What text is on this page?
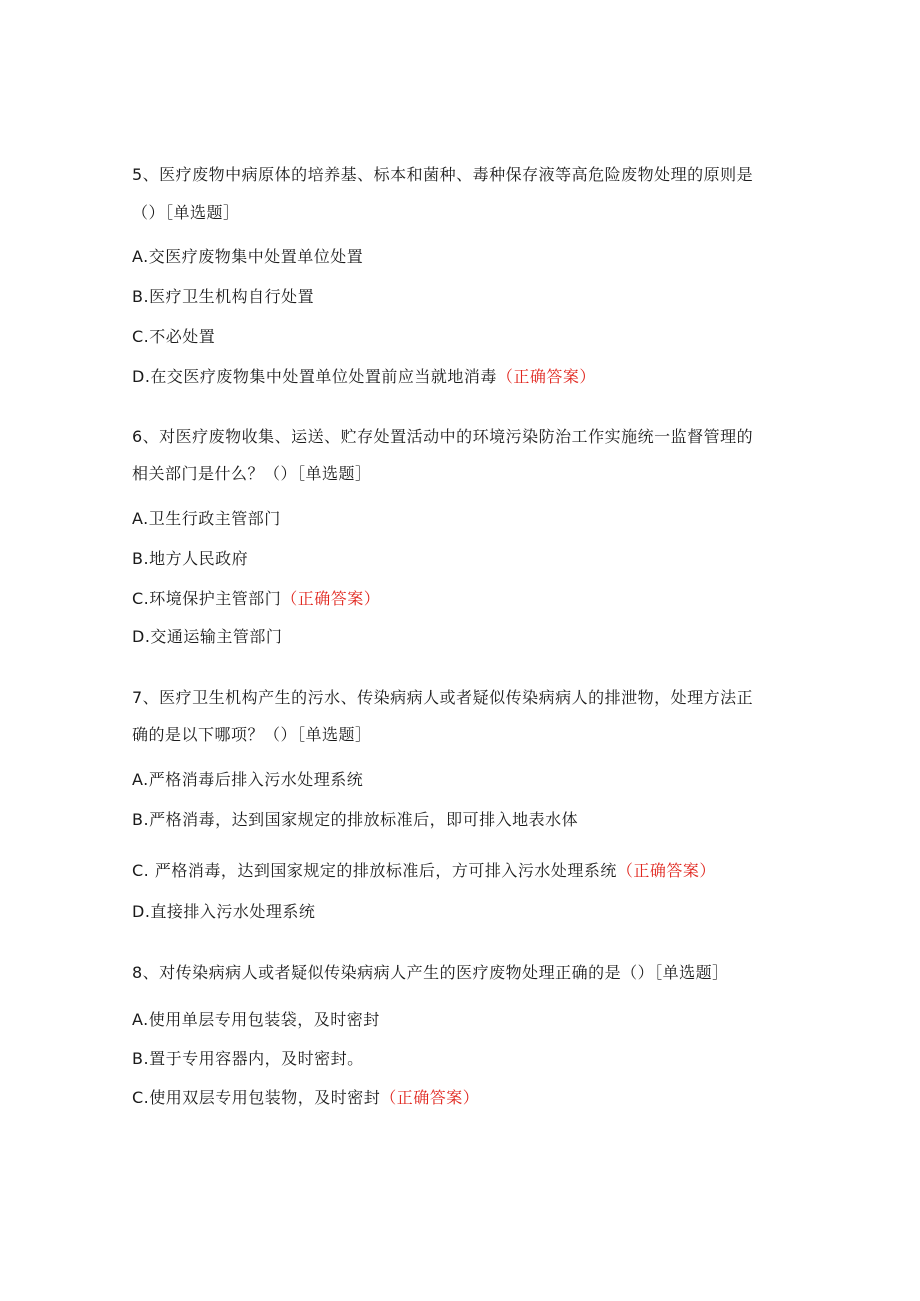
5、医疗废物中病原体的培养基、标本和菌种、毒种保存液等高危险废物处理的原则是
（）［单选题］
A.交医疗废物集中处置单位处置
B.医疗卫生机构自行处置
C.不必处置
D.在交医疗废物集中处置单位处置前应当就地消毒（正确答案）
6、对医疗废物收集、运送、贮存处置活动中的环境污染防治工作实施统一监督管理的
相关部门是什么？（）［单选题］
A.卫生行政主管部门
B.地方人民政府
C.环境保护主管部门（正确答案）
D.交通运输主管部门
7、医疗卫生机构产生的污水、传染病病人或者疑似传染病病人的排泄物，处理方法正
确的是以下哪项？（）［单选题］
A.严格消毒后排入污水处理系统
B.严格消毒，达到国家规定的排放标准后，即可排入地表水体
C. 严格消毒，达到国家规定的排放标准后，方可排入污水处理系统（正确答案）
D.直接排入污水处理系统
8、对传染病病人或者疑似传染病病人产生的医疗废物处理正确的是（）［单选题］
A.使用单层专用包装袋，及时密封
B.置于专用容器内，及时密封。
C.使用双层专用包装物，及时密封（正确答案）
